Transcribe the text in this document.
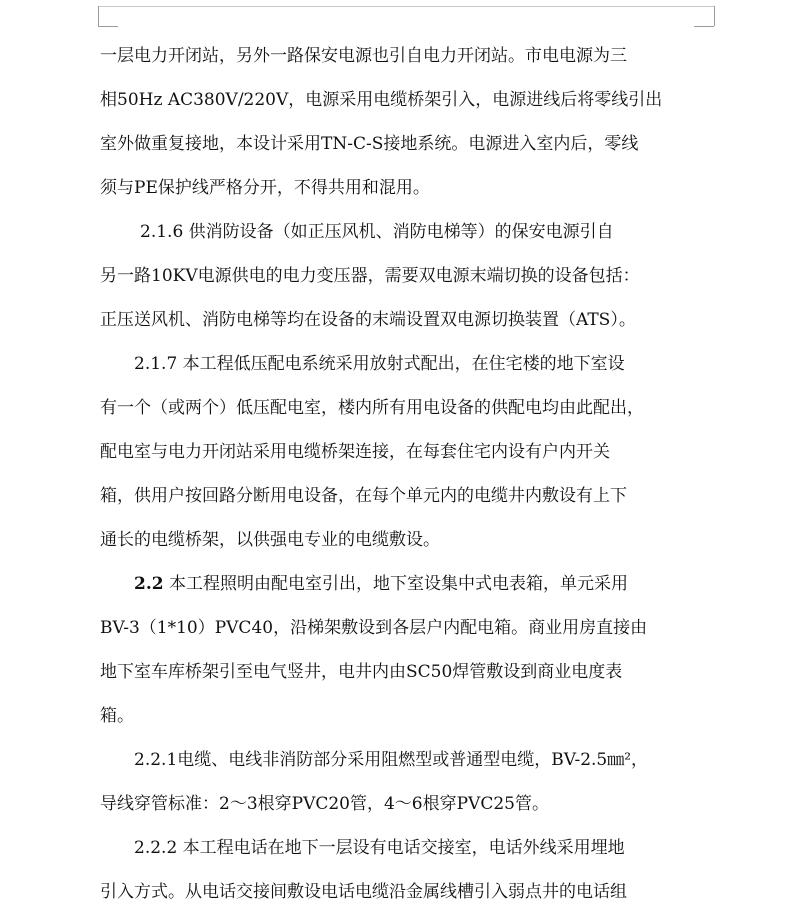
一层电力开闭站，另外一路保安电源也引自电力开闭站。市电电源为三
相50Hz AC380V/220V，电源采用电缆桥架引入，电源进线后将零线引出
室外做重复接地，本设计采用TN-C-S接地系统。电源进入室内后，零线
须与PE保护线严格分开，不得共用和混用。
2.1.6 供消防设备（如正压风机、消防电梯等）的保安电源引自
另一路10KV电源供电的电力变压器，需要双电源末端切换的设备包括：
正压送风机、消防电梯等均在设备的末端设置双电源切换装置（ATS）。
2.1.7 本工程低压配电系统采用放射式配出，在住宅楼的地下室设
有一个（或两个）低压配电室，楼内所有用电设备的供配电均由此配出，
配电室与电力开闭站采用电缆桥架连接，在每套住宅内设有户内开关
箱，供用户按回路分断用电设备，在每个单元内的电缆井内敷设有上下
通长的电缆桥架，以供强电专业的电缆敷设。
2.2 本工程照明由配电室引出，地下室设集中式电表箱，单元采用
BV-3（1*10）PVC40，沿梯架敷设到各层户内配电箱。商业用房直接由
地下室车库桥架引至电气竖井，电井内由SC50焊管敷设到商业电度表
箱。
2.2.1电缆、电线非消防部分采用阻燃型或普通型电缆，BV-2.5㎜²，
导线穿管标准：2～3根穿PVC20管，4～6根穿PVC25管。
2.2.2 本工程电话在地下一层设有电话交接室，电话外线采用埋地
引入方式。从电话交接间敷设电话电缆沿金属线槽引入弱点井的电话组
